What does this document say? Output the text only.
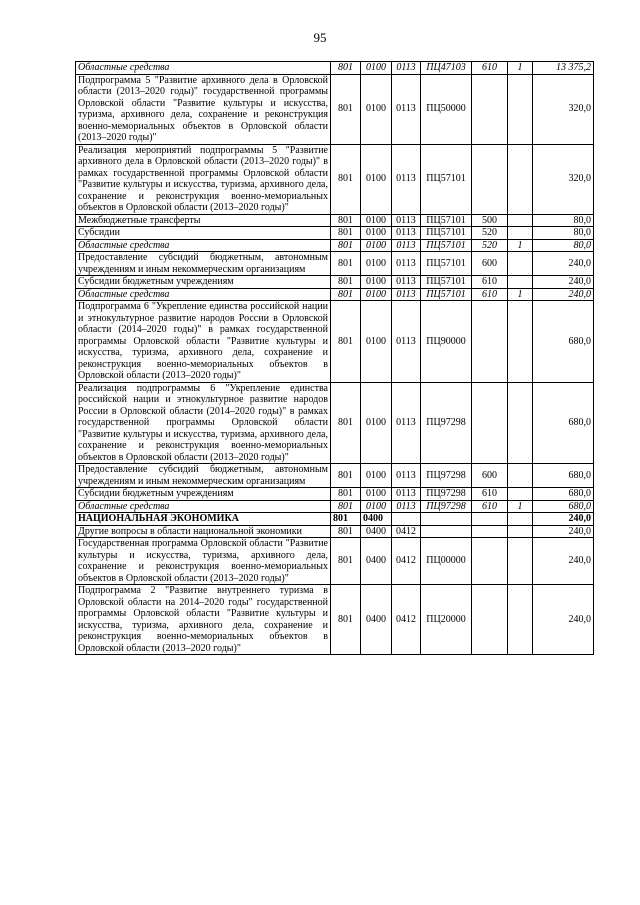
95
Областные средства	801	0100	0113	ПЦ47103	610	1	13 375,2
Подпрограмма 5 "Развитие архивного дела в Орловской области (2013–2020 годы)" государственной программы Орловской области "Развитие культуры и искусства, туризма, архивного дела, сохранение и реконструкция военно-мемориальных объектов в Орловской области (2013–2020 годы)"	801	0100	0113	ПЦ50000			320,0
Реализация мероприятий подпрограммы 5 "Развитие архивного дела в Орловской области (2013–2020 годы)" в рамках государственной программы Орловской области "Развитие культуры и искусства, туризма, архивного дела, сохранение и реконструкция военно-мемориальных объектов в Орловской области (2013–2020 годы)"	801	0100	0113	ПЦ57101			320,0
Межбюджетные трансферты	801	0100	0113	ПЦ57101	500		80,0
Субсидии	801	0100	0113	ПЦ57101	520		80,0
Областные средства	801	0100	0113	ПЦ57101	520	1	80,0
Предоставление субсидий бюджетным, автономным учреждениям и иным некоммерческим организациям	801	0100	0113	ПЦ57101	600		240,0
Субсидии бюджетным учреждениям	801	0100	0113	ПЦ57101	610		240,0
Областные средства	801	0100	0113	ПЦ57101	610	1	240,0
Подпрограмма 6 "Укрепление единства российской нации и этнокультурное развитие народов России в Орловской области (2014–2020 годы)" в рамках государственной программы Орловской области "Развитие культуры и искусства, туризма, архивного дела, сохранение и реконструкция военно-мемориальных объектов в Орловской области (2013–2020 годы)"	801	0100	0113	ПЦ90000			680,0
Реализация подпрограммы 6 "Укрепление единства российской нации и этнокультурное развитие народов России в Орловской области (2014–2020 годы)" в рамках государственной программы Орловской области "Развитие культуры и искусства, туризма, архивного дела, сохранение и реконструкция военно-мемориальных объектов в Орловской области (2013–2020 годы)"	801	0100	0113	ПЦ97298			680,0
Предоставление субсидий бюджетным, автономным учреждениям и иным некоммерческим организациям	801	0100	0113	ПЦ97298	600		680,0
Субсидии бюджетным учреждениям	801	0100	0113	ПЦ97298	610		680,0
Областные средства	801	0100	0113	ПЦ97298	610	1	680,0
НАЦИОНАЛЬНАЯ ЭКОНОМИКА	801	0400					240,0
Другие вопросы в области национальной экономики	801	0400	0412				240,0
Государственная программа Орловской области "Развитие культуры и искусства, туризма, архивного дела, сохранение и реконструкция военно-мемориальных объектов в Орловской области (2013–2020 годы)"	801	0400	0412	ПЦ00000			240,0
Подпрограмма 2 "Развитие внутреннего туризма в Орловской области на 2014–2020 годы" государственной программы Орловской области "Развитие культуры и искусства, туризма, архивного дела, сохранение и реконструкция военно-мемориальных объектов в Орловской области (2013–2020 годы)"	801	0400	0412	ПЦ20000			240,0
